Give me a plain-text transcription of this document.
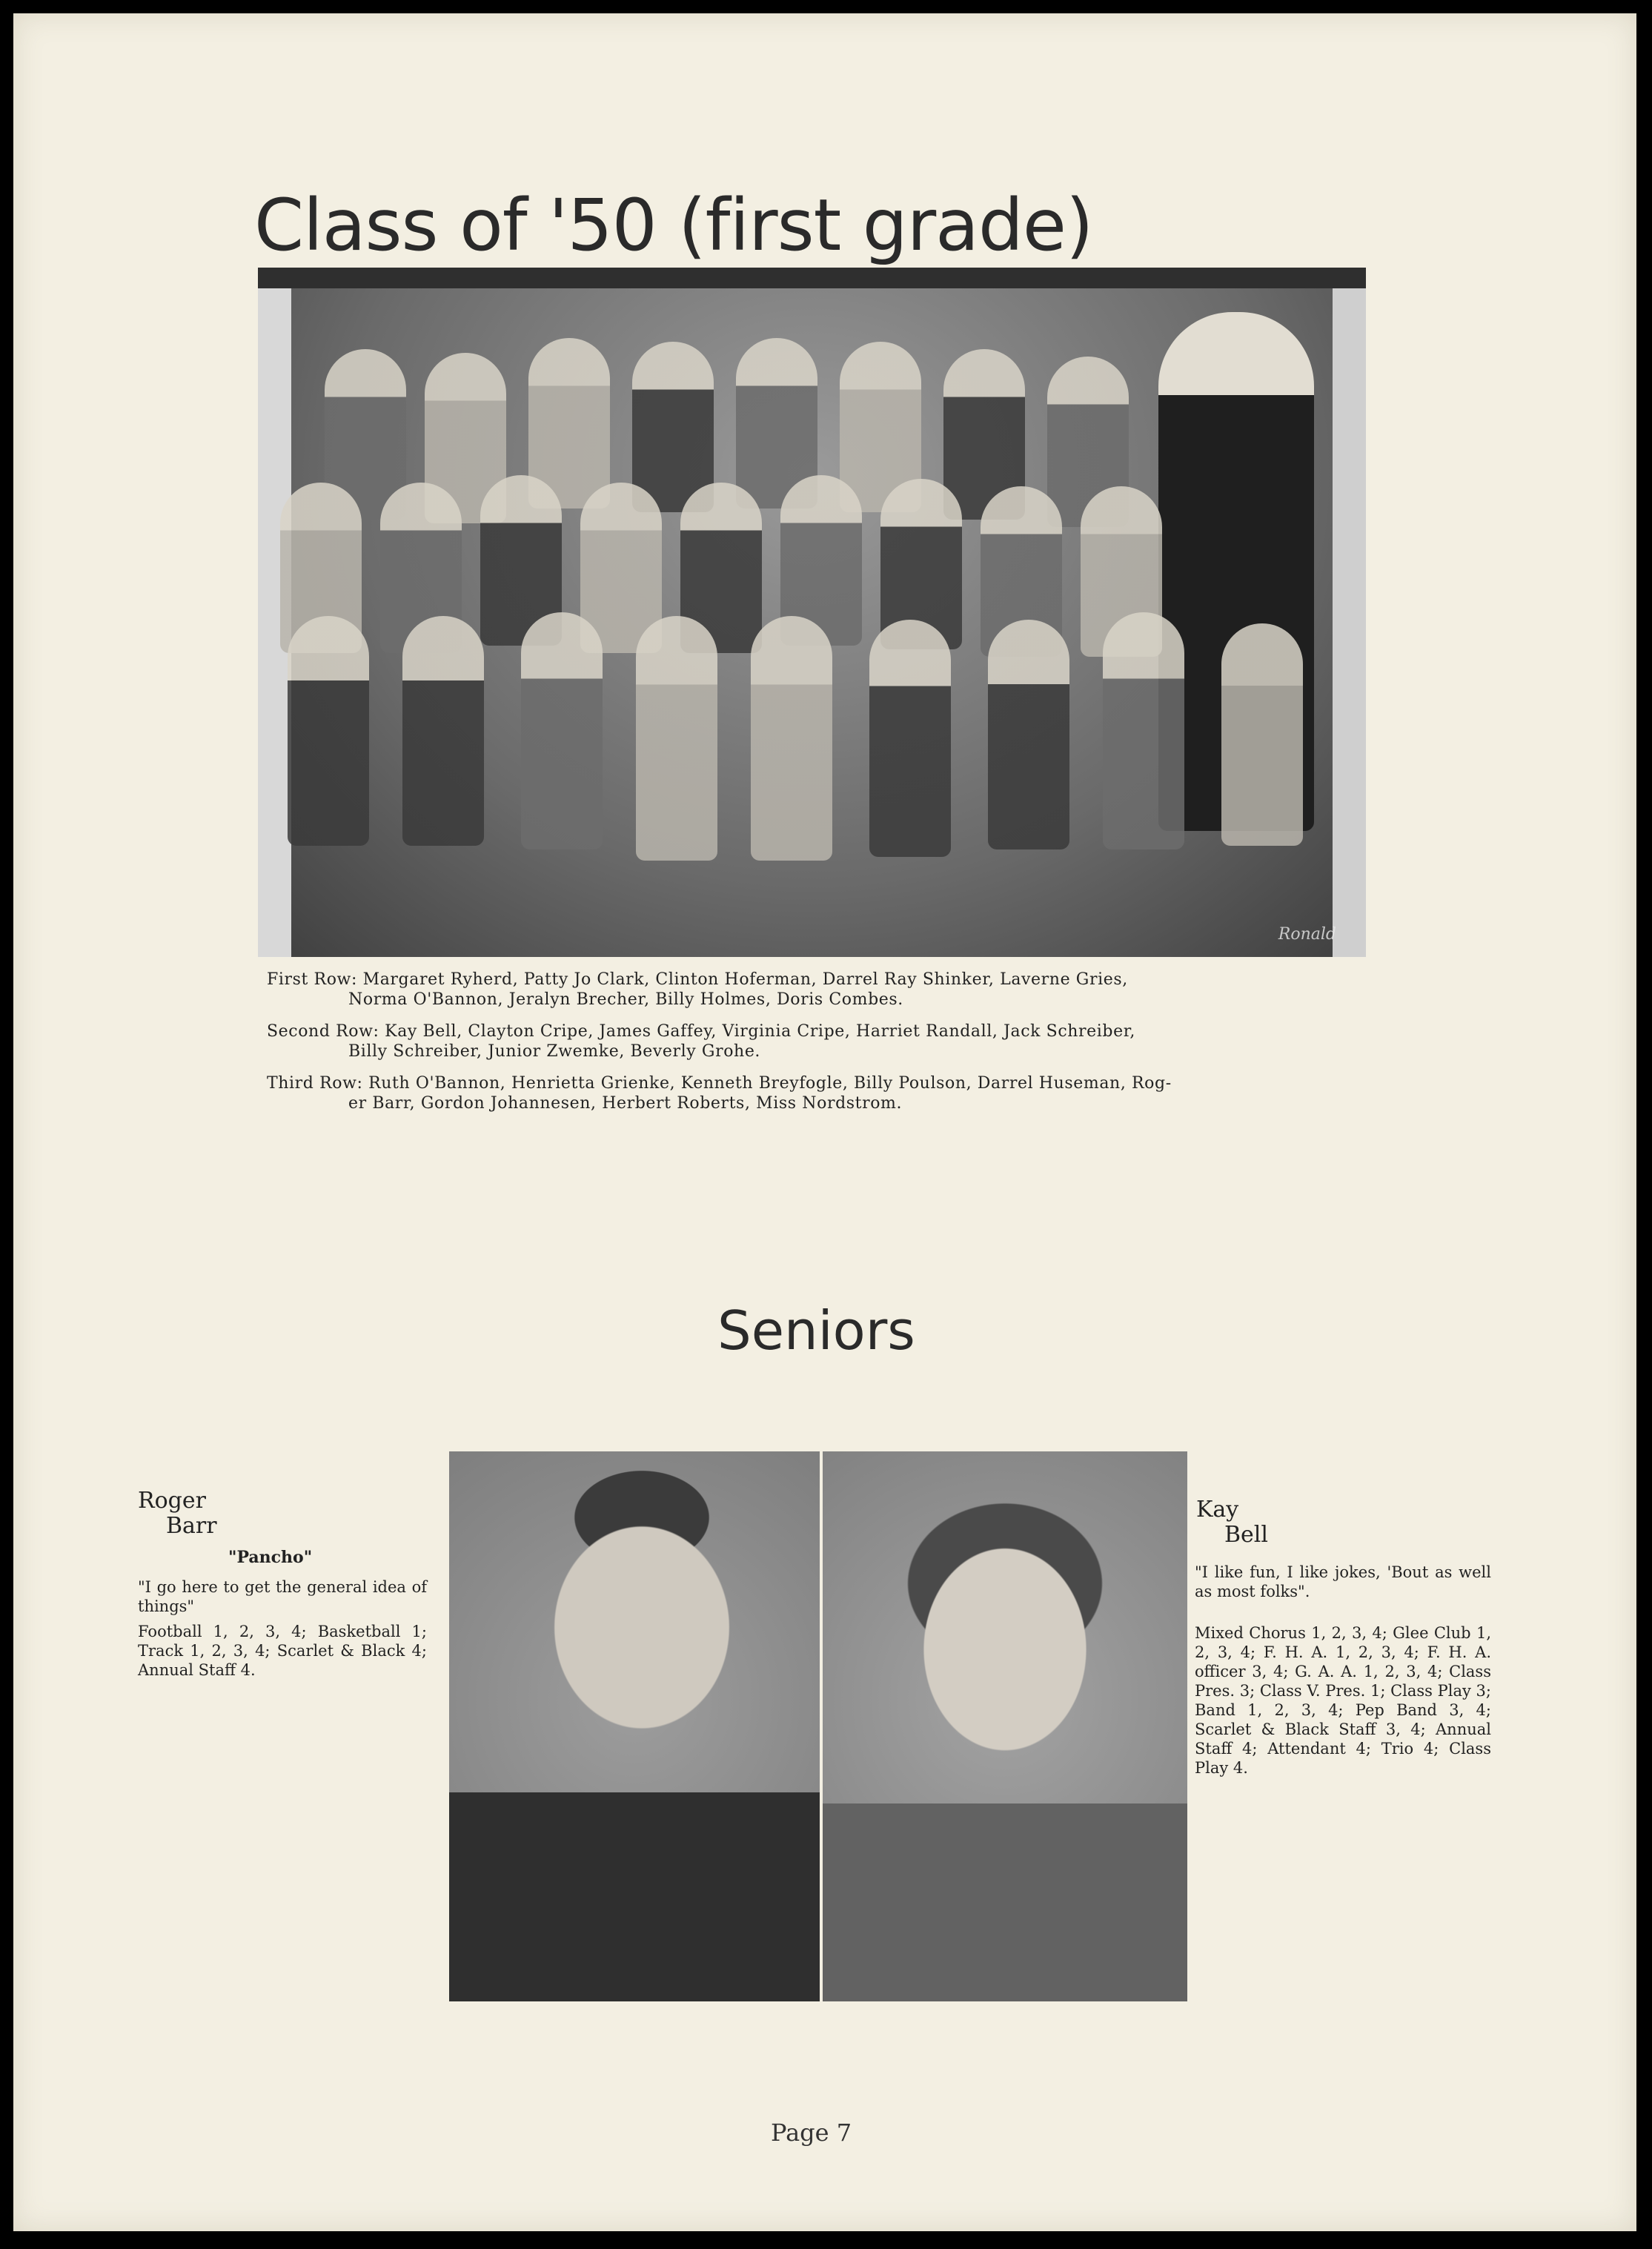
Class of '50 (first grade)
Ronald
First Row: Margaret Ryherd, Patty Jo Clark, Clinton Hoferman, Darrel Ray Shinker, Laverne Gries,
Norma O'Bannon, Jeralyn Brecher, Billy Holmes, Doris Combes.
Second Row: Kay Bell, Clayton Cripe, James Gaffey, Virginia Cripe, Harriet Randall, Jack Schreiber,
Billy Schreiber, Junior Zwemke, Beverly Grohe.
Third Row: Ruth O'Bannon, Henrietta Grienke, Kenneth Breyfogle, Billy Poulson, Darrel Huseman, Rog-
er Barr, Gordon Johannesen, Herbert Roberts, Miss Nordstrom.
Seniors
Roger
Barr
"Pancho"
"I go here to get the general idea of things"
Football 1, 2, 3, 4; Basketball 1; Track 1, 2, 3, 4; Scarlet & Black 4; Annual Staff 4.
Kay
Bell
"I like fun, I like jokes, 'Bout as well as most folks".
Mixed Chorus 1, 2, 3, 4; Glee Club 1, 2, 3, 4; F. H. A. 1, 2, 3, 4; F. H. A. officer 3, 4; G. A. A. 1, 2, 3, 4; Class Pres. 3; Class V. Pres. 1; Class Play 3; Band 1, 2, 3, 4; Pep Band 3, 4; Scarlet & Black Staff 3, 4; Annual Staff 4; Attendant 4; Trio 4; Class Play 4.
Page 7
